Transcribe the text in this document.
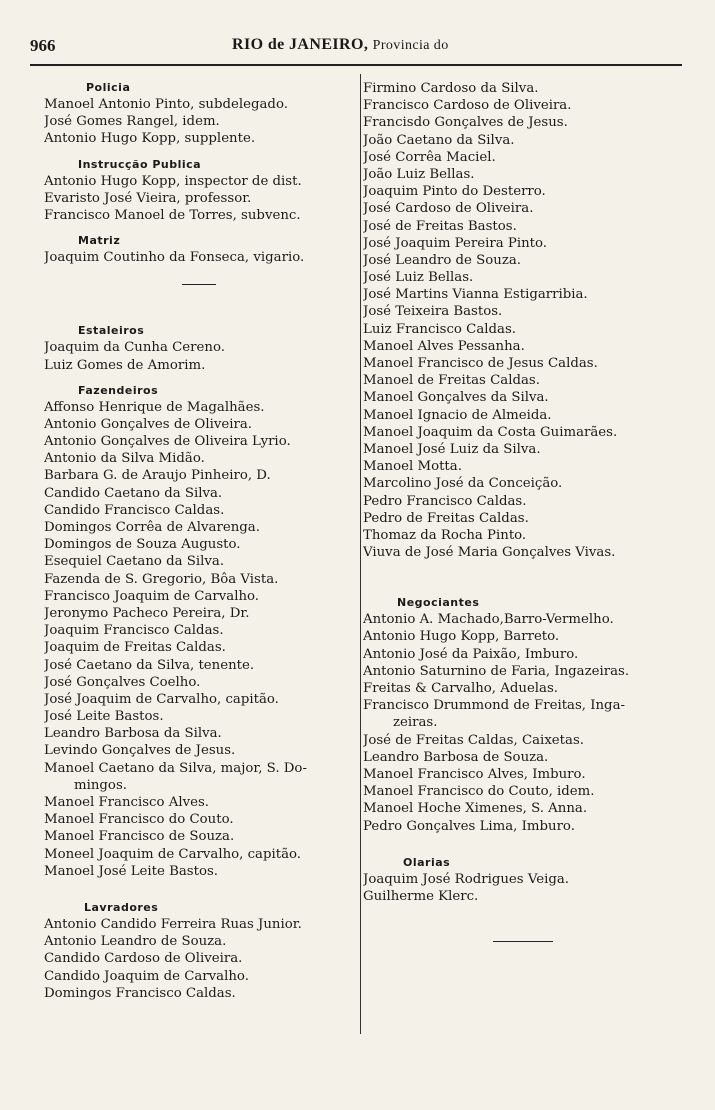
966	RIO de JANEIRO, Provincia do
Policia
Manoel Antonio Pinto, subdelegado.
José Gomes Rangel, idem.
Antonio Hugo Kopp, supplente.
Instrucção Publica
Antonio Hugo Kopp, inspector de dist.
Evaristo José Vieira, professor.
Francisco Manoel de Torres, subvenc.
Matriz
Joaquim Coutinho da Fonseca, vigario.
Estaleiros
Joaquim da Cunha Cereno.
Luiz Gomes de Amorim.
Fazendeiros
Affonso Henrique de Magalhães.
Antonio Gonçalves de Oliveira.
Antonio Gonçalves de Oliveira Lyrio.
Antonio da Silva Midão.
Barbara G. de Araujo Pinheiro, D.
Candido Caetano da Silva.
Candido Francisco Caldas.
Domingos Corrêa de Alvarenga.
Domingos de Souza Augusto.
Esequiel Caetano da Silva.
Fazenda de S. Gregorio, Bôa Vista.
Francisco Joaquim de Carvalho.
Jeronymo Pacheco Pereira, Dr.
Joaquim Francisco Caldas.
Joaquim de Freitas Caldas.
José Caetano da Silva, tenente.
José Gonçalves Coelho.
José Joaquim de Carvalho, capitão.
José Leite Bastos.
Leandro Barbosa da Silva.
Levindo Gonçalves de Jesus.
Manoel Caetano da Silva, major, S. Do-
mingos.
Manoel Francisco Alves.
Manoel Francisco do Couto.
Manoel Francisco de Souza.
Moneel Joaquim de Carvalho, capitão.
Manoel José Leite Bastos.
Lavradores
Antonio Candido Ferreira Ruas Junior.
Antonio Leandro de Souza.
Candido Cardoso de Oliveira.
Candido Joaquim de Carvalho.
Domingos Francisco Caldas.
Firmino Cardoso da Silva.
Francisco Cardoso de Oliveira.
Francisdo Gonçalves de Jesus.
João Caetano da Silva.
José Corrêa Maciel.
João Luiz Bellas.
Joaquim Pinto do Desterro.
José Cardoso de Oliveira.
José de Freitas Bastos.
José Joaquim Pereira Pinto.
José Leandro de Souza.
José Luiz Bellas.
José Martins Vianna Estigarribia.
José Teixeira Bastos.
Luiz Francisco Caldas.
Manoel Alves Pessanha.
Manoel Francisco de Jesus Caldas.
Manoel de Freitas Caldas.
Manoel Gonçalves da Silva.
Manoel Ignacio de Almeida.
Manoel Joaquim da Costa Guimarães.
Manoel José Luiz da Silva.
Manoel Motta.
Marcolino José da Conceição.
Pedro Francisco Caldas.
Pedro de Freitas Caldas.
Thomaz da Rocha Pinto.
Viuva de José Maria Gonçalves Vivas.
Negociantes
Antonio A. Machado,Barro-Vermelho.
Antonio Hugo Kopp, Barreto.
Antonio José da Paixão, Imburo.
Antonio Saturnino de Faria, Ingazeiras.
Freitas & Carvalho, Aduelas.
Francisco Drummond de Freitas, Inga-
zeiras.
José de Freitas Caldas, Caixetas.
Leandro Barbosa de Souza.
Manoel Francisco Alves, Imburo.
Manoel Francisco do Couto, idem.
Manoel Hoche Ximenes, S. Anna.
Pedro Gonçalves Lima, Imburo.
Olarias
Joaquim José Rodrigues Veiga.
Guilherme Klerc.
